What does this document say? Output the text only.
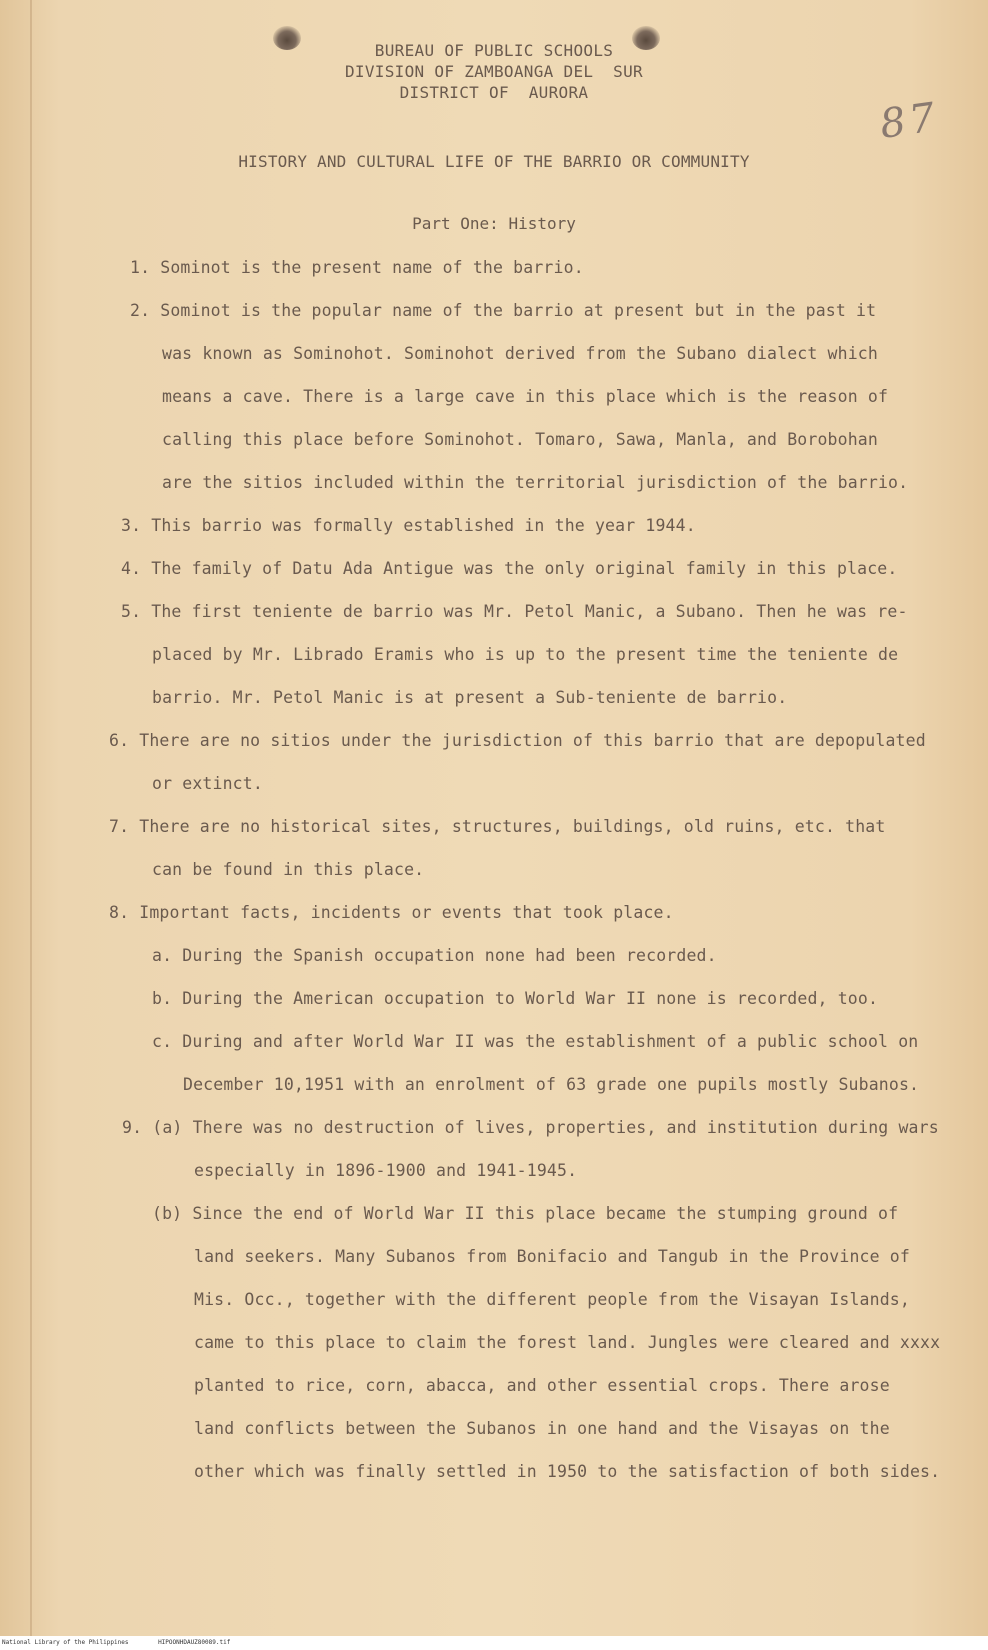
BUREAU OF PUBLIC SCHOOLS
DIVISION OF ZAMBOANGA DEL  SUR
DISTRICT OF  AURORA
87
HISTORY AND CULTURAL LIFE OF THE BARRIO OR COMMUNITY
Part One: History
1. Sominot is the present name of the barrio.
2. Sominot is the popular name of the barrio at present but in the past it
was known as Sominohot. Sominohot derived from the Subano dialect which
means a cave. There is a large cave in this place which is the reason of
calling this place before Sominohot. Tomaro, Sawa, Manla, and Borobohan
are the sitios included within the territorial jurisdiction of the barrio.
3. This barrio was formally established in the year 1944.
4. The family of Datu Ada Antigue was the only original family in this place.
5. The first teniente de barrio was Mr. Petol Manic, a Subano. Then he was re-
placed by Mr. Librado Eramis who is up to the present time the teniente de
barrio. Mr. Petol Manic is at present a Sub-teniente de barrio.
6. There are no sitios under the jurisdiction of this barrio that are depopulated
or extinct.
7. There are no historical sites, structures, buildings, old ruins, etc. that
can be found in this place.
8. Important facts, incidents or events that took place.
a. During the Spanish occupation none had been recorded.
b. During the American occupation to World War II none is recorded, too.
c. During and after World War II was the establishment of a public school on
December 10,1951 with an enrolment of 63 grade one pupils mostly Subanos.
9. (a) There was no destruction of lives, properties, and institution during wars
especially in 1896-1900 and 1941-1945.
(b) Since the end of World War II this place became the stumping ground of
land seekers. Many Subanos from Bonifacio and Tangub in the Province of
Mis. Occ., together with the different people from the Visayan Islands,
came to this place to claim the forest land. Jungles were cleared and xxxx
planted to rice, corn, abacca, and other essential crops. There arose
land conflicts between the Subanos in one hand and the Visayas on the
other which was finally settled in 1950 to the satisfaction of both sides.
National Library of the Philippines	HIPOONHDAUZ80089.tif
